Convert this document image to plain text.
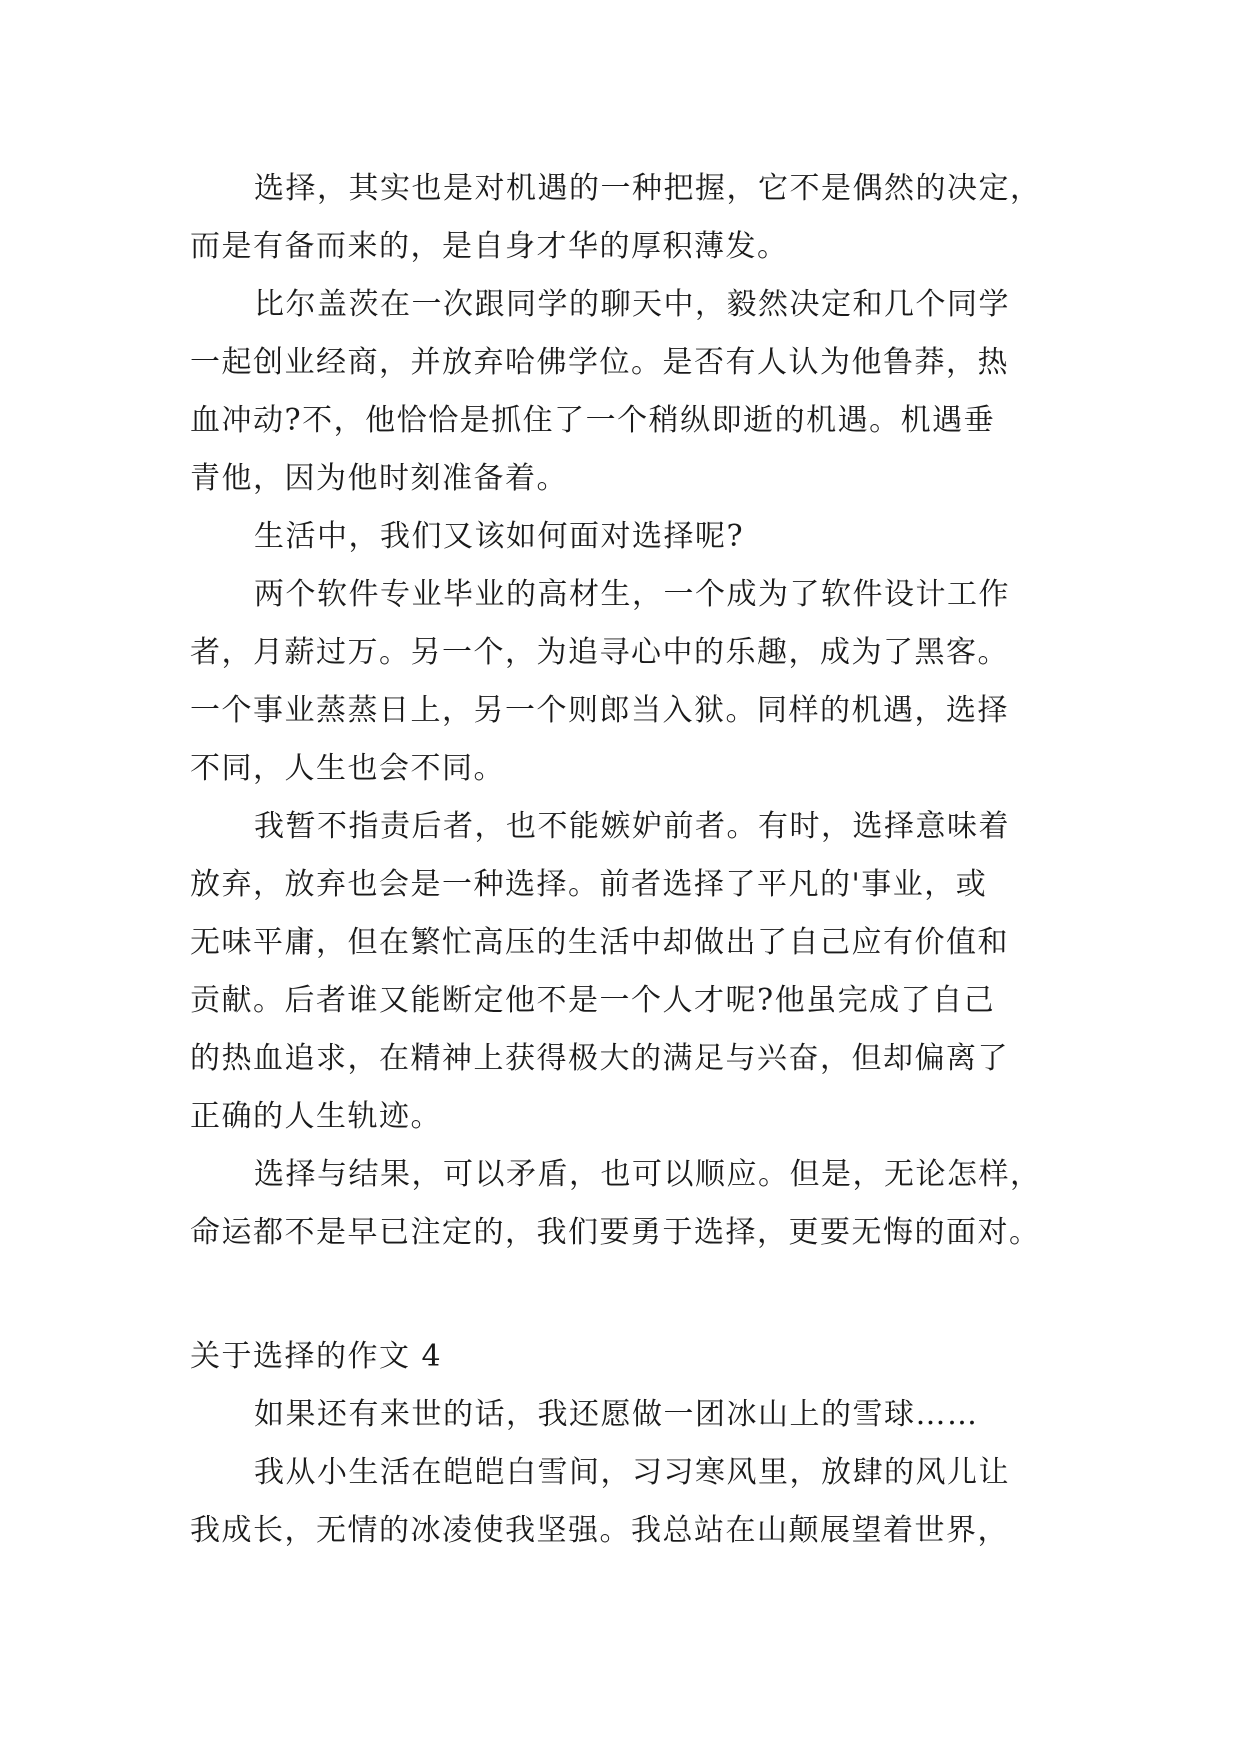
选择，其实也是对机遇的一种把握，它不是偶然的决定，
而是有备而来的，是自身才华的厚积薄发。
比尔盖茨在一次跟同学的聊天中，毅然决定和几个同学
一起创业经商，并放弃哈佛学位。是否有人认为他鲁莽，热
血冲动?不，他恰恰是抓住了一个稍纵即逝的机遇。机遇垂
青他，因为他时刻准备着。
生活中，我们又该如何面对选择呢?
两个软件专业毕业的高材生，一个成为了软件设计工作
者，月薪过万。另一个，为追寻心中的乐趣，成为了黑客。
一个事业蒸蒸日上，另一个则郎当入狱。同样的机遇，选择
不同，人生也会不同。
我暂不指责后者，也不能嫉妒前者。有时，选择意味着
放弃，放弃也会是一种选择。前者选择了平凡的'事业，或
无味平庸，但在繁忙高压的生活中却做出了自己应有价值和
贡献。后者谁又能断定他不是一个人才呢?他虽完成了自己
的热血追求，在精神上获得极大的满足与兴奋，但却偏离了
正确的人生轨迹。
选择与结果，可以矛盾，也可以顺应。但是，无论怎样，
命运都不是早已注定的，我们要勇于选择，更要无悔的面对。
关于选择的作文 4
如果还有来世的话，我还愿做一团冰山上的雪球……
我从小生活在皑皑白雪间，习习寒风里，放肆的风儿让
我成长，无情的冰凌使我坚强。我总站在山颠展望着世界，
